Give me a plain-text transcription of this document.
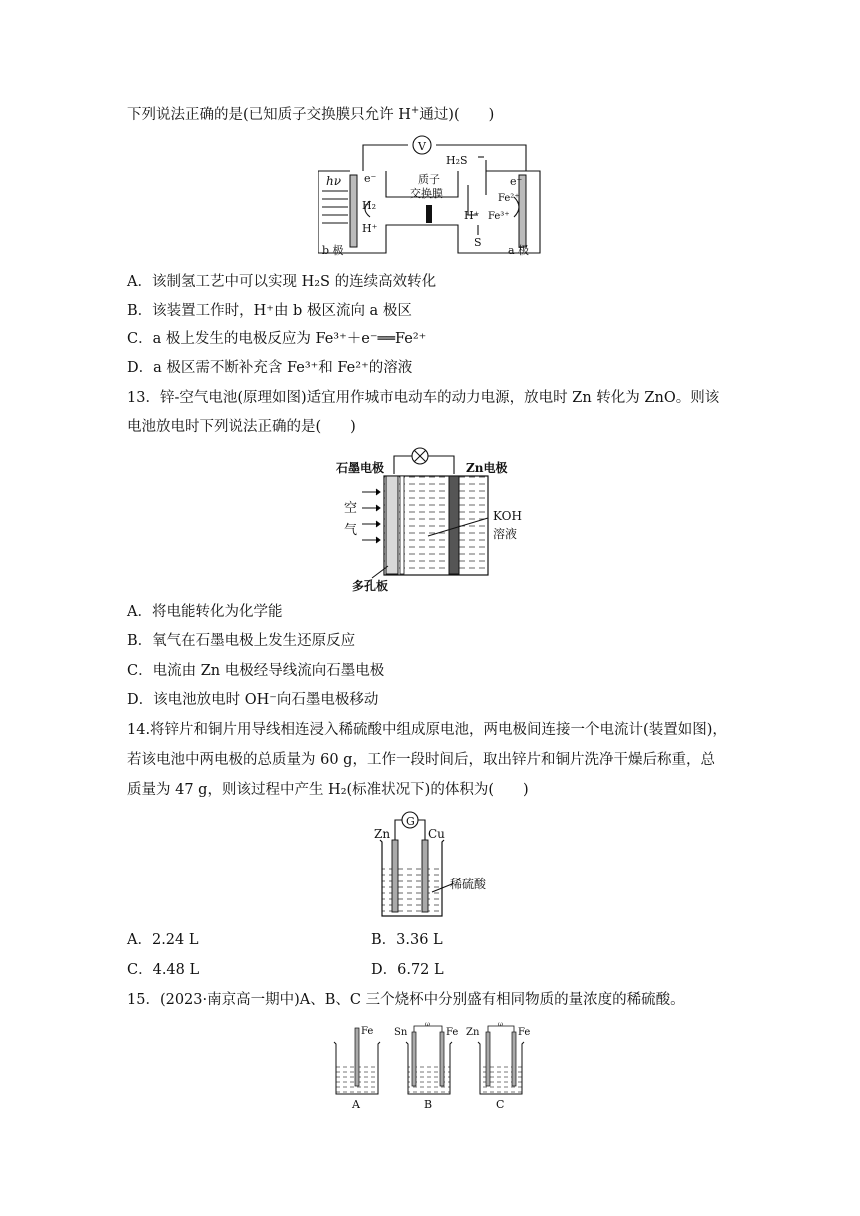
下列说法正确的是(已知质子交换膜只允许 H+通过)(　　)
V
H₂S
e⁻	e⁻
质子
交换膜
hν
H₂
H⁺
H⁺
Fe²⁺
Fe³⁺
S
b 极	a 极
A．该制氢工艺中可以实现 H₂S 的连续高效转化
B．该装置工作时，H⁺由 b 极区流向 a 极区
C．a 极上发生的电极反应为 Fe³⁺＋e⁻══Fe²⁺
D．a 极区需不断补充含 Fe³⁺和 Fe²⁺的溶液
13．锌-空气电池(原理如图)适宜用作城市电动车的动力电源，放电时 Zn 转化为 ZnO。则该
电池放电时下列说法正确的是(　　)
石墨电极	Zn电极
空
气
KOH
溶液
多孔板
A．将电能转化为化学能
B．氧气在石墨电极上发生还原反应
C．电流由 Zn 电极经导线流向石墨电极
D．该电池放电时 OH⁻向石墨电极移动
14.将锌片和铜片用导线相连浸入稀硫酸中组成原电池，两电极间连接一个电流计(装置如图)，
若该电池中两电极的总质量为 60 g，工作一段时间后，取出锌片和铜片洗净干燥后称重，总
质量为 47 g，则该过程中产生 H₂(标准状况下)的体积为(　　)
G
Zn	Cu
稀硫酸
A．2.24 L	B．3.36 L
C．4.48 L	D．6.72 L
15．(2023·南京高一期中)A、B、C 三个烧杯中分别盛有相同物质的量浓度的稀硫酸。
Fe
A
ω
Sn	Fe
B
ω
Zn	Fe
C
